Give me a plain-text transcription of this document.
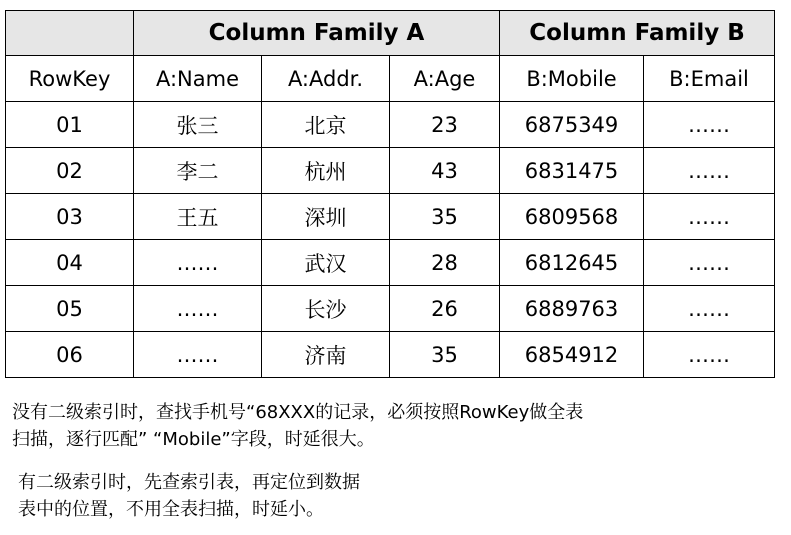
	Column Family A			Column Family B	
RowKey	A:Name	A:Addr.	A:Age	B:Mobile	B:Email
01	张三	北京	23	6875349	……
02	李二	杭州	43	6831475	……
03	王五	深圳	35	6809568	……
04	……	武汉	28	6812645	……
05	……	长沙	26	6889763	……
06	……	济南	35	6854912	……
没有二级索引时，查找手机号“68XXX的记录，必须按照RowKey做全表
扫描，逐行匹配” “Mobile”字段，时延很大。
有二级索引时，先查索引表，再定位到数据
表中的位置，不用全表扫描，时延小。
